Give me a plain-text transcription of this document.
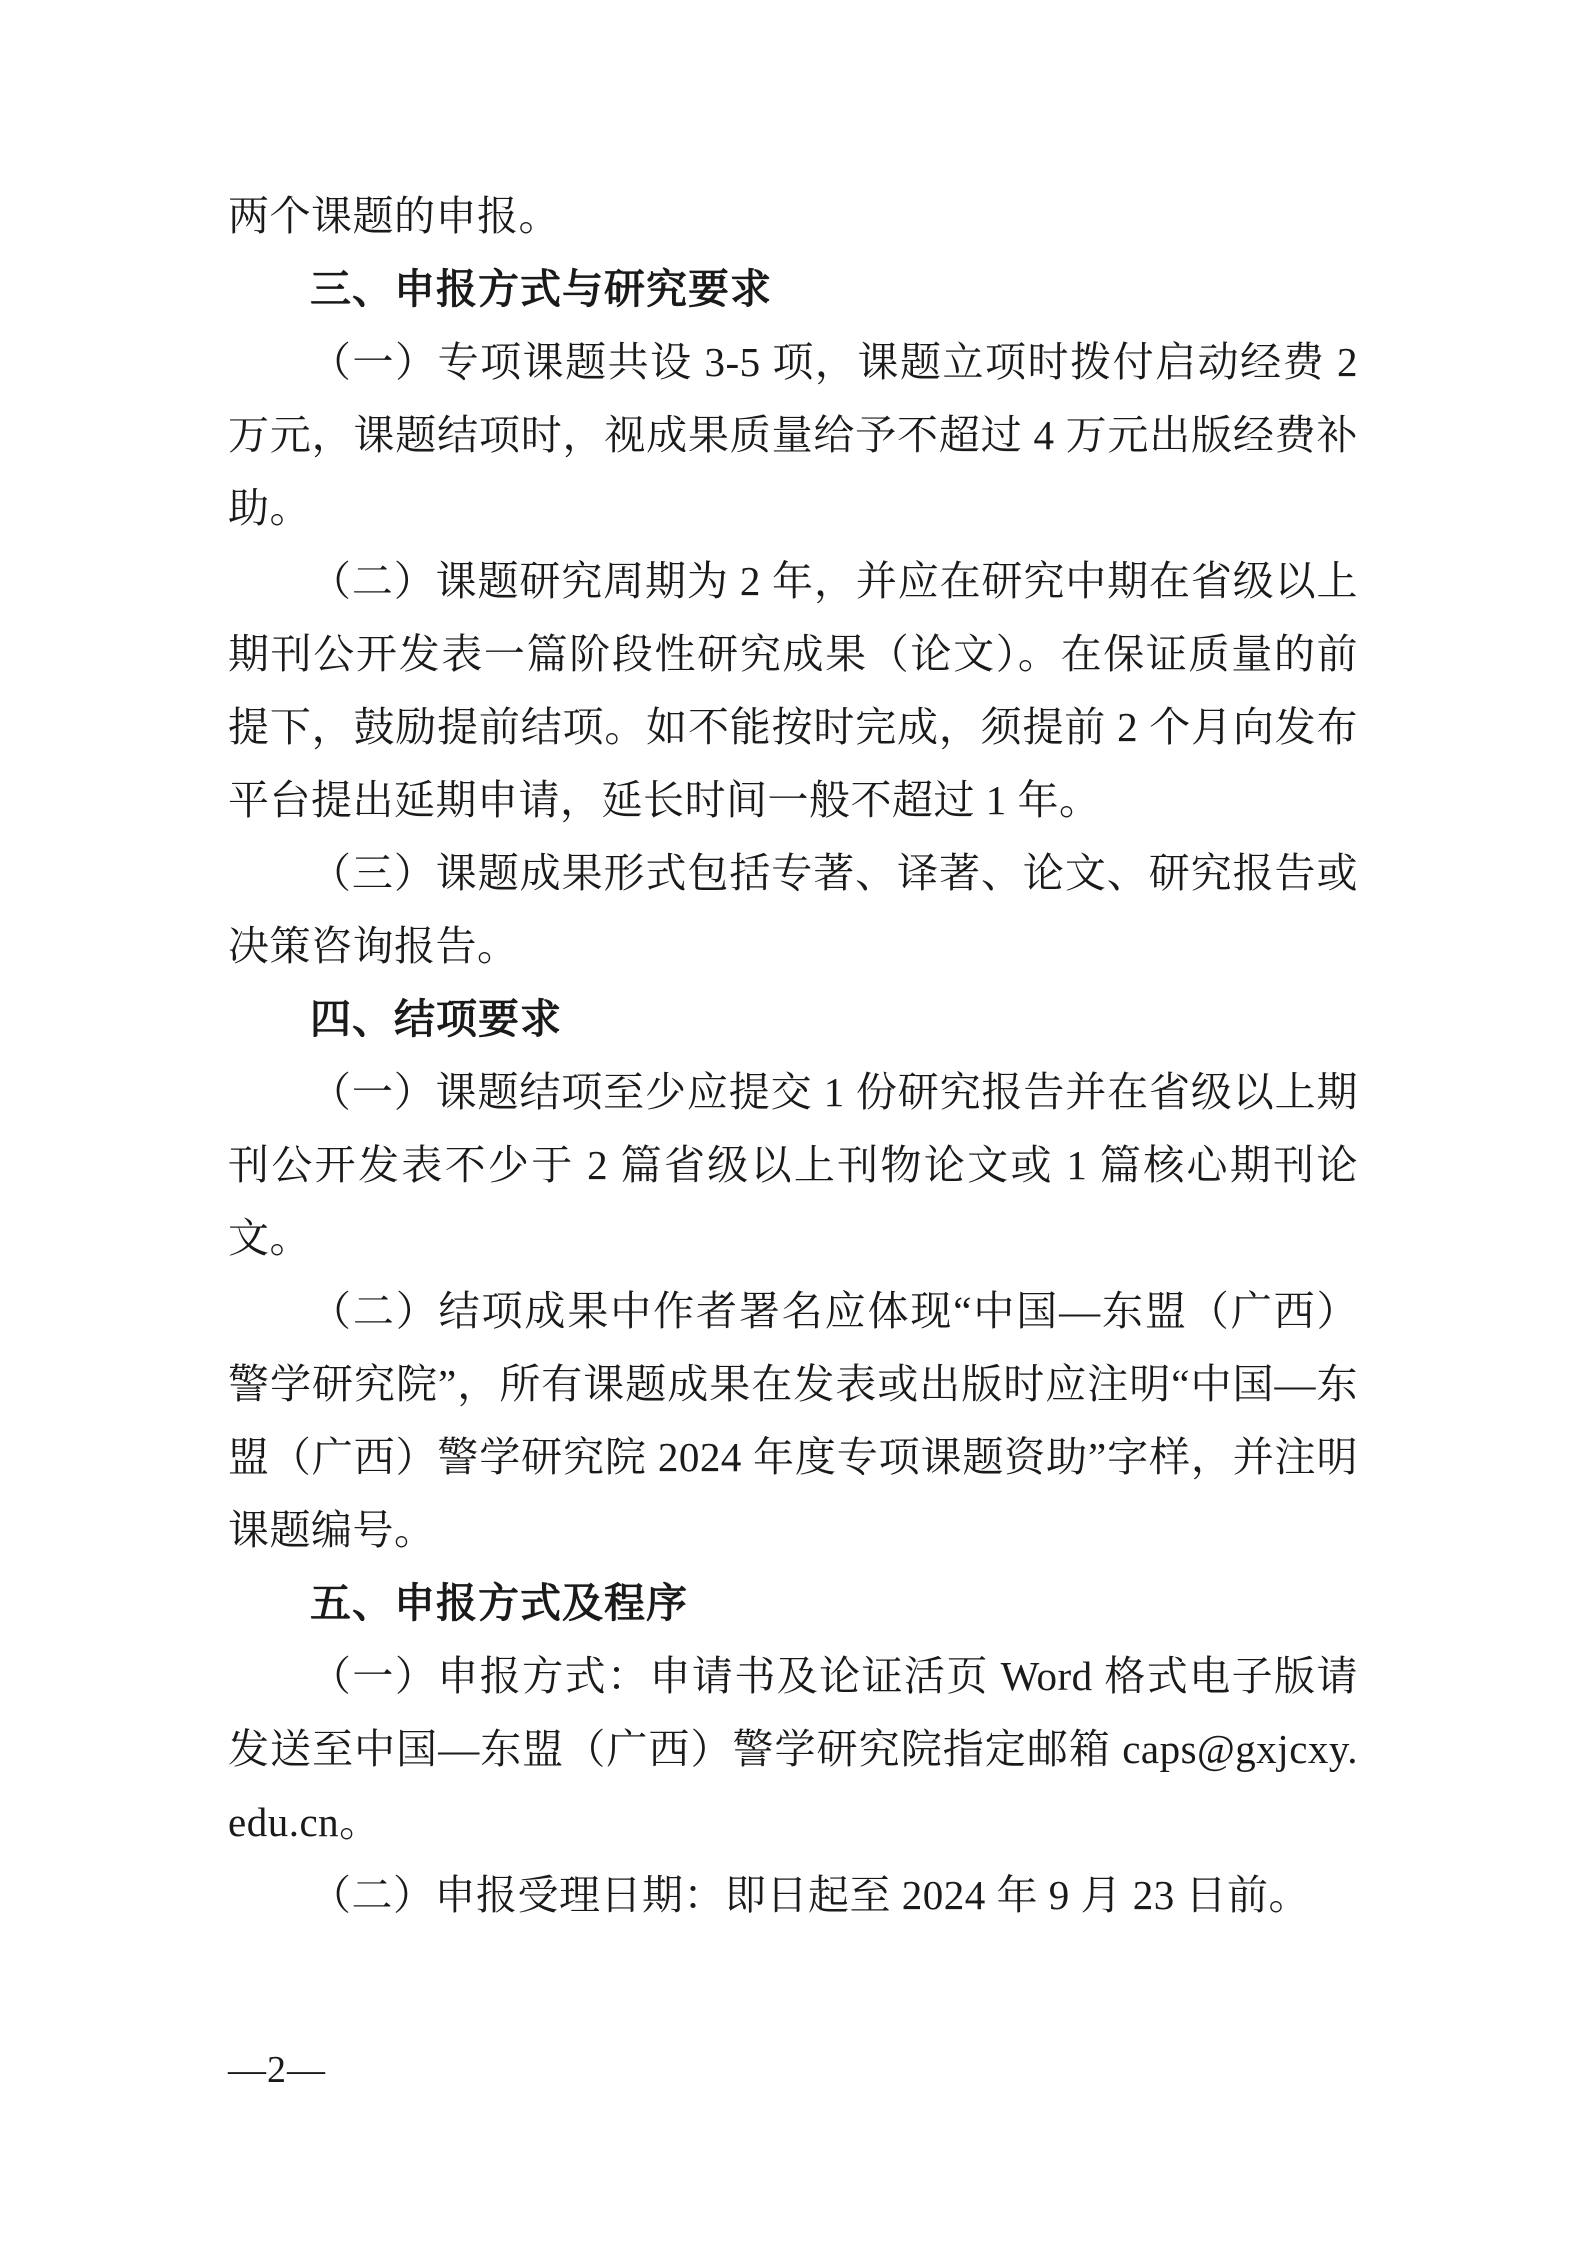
两个课题的申报。
三、申报方式与研究要求
（一）专项课题共设 3-5 项，课题立项时拨付启动经费 2 万元，课题结项时，视成果质量给予不超过 4 万元出版经费补助。
（二）课题研究周期为 2 年，并应在研究中期在省级以上期刊公开发表一篇阶段性研究成果（论文）。在保证质量的前提下，鼓励提前结项。如不能按时完成，须提前 2 个月向发布平台提出延期申请，延长时间一般不超过 1 年。
（三）课题成果形式包括专著、译著、论文、研究报告或决策咨询报告。
四、结项要求
（一）课题结项至少应提交 1 份研究报告并在省级以上期刊公开发表不少于 2 篇省级以上刊物论文或 1 篇核心期刊论文。
（二）结项成果中作者署名应体现“中国—东盟（广西）警学研究院”，所有课题成果在发表或出版时应注明“中国—东盟（广西）警学研究院 2024 年度专项课题资助”字样，并注明课题编号。
五、申报方式及程序
（一）申报方式：申请书及论证活页 Word 格式电子版请发送至中国—东盟（广西）警学研究院指定邮箱 caps@gxjcxy.edu.cn。
（二）申报受理日期：即日起至 2024 年 9 月 23 日前。
—2—
